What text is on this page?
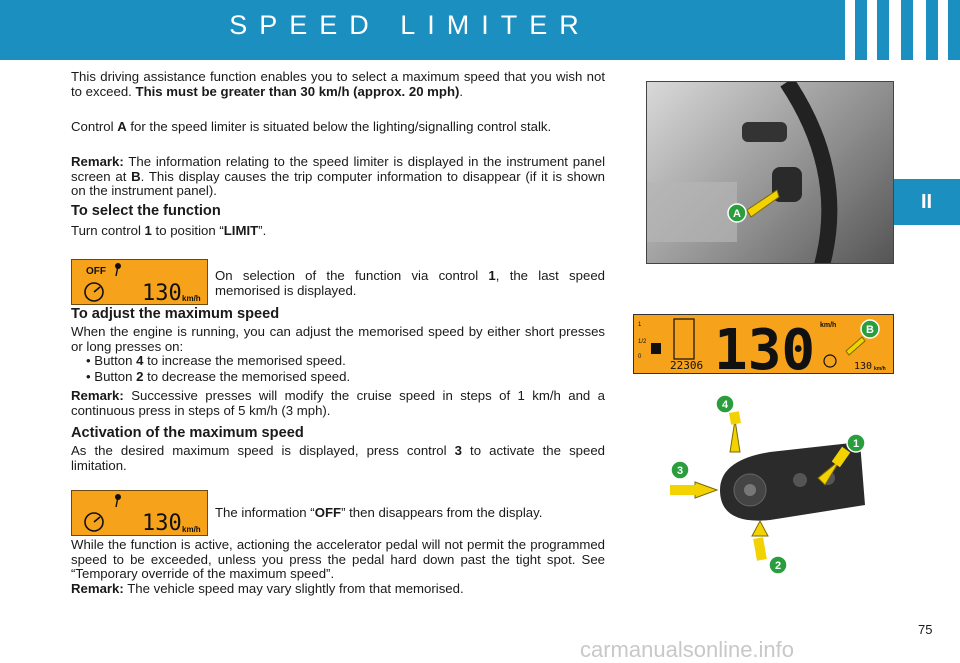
SPEED LIMITER
II

This driving assistance function enables you to select a maximum speed that you wish not to exceed. This must be greater than 30 km/h (approx. 20 mph).

Control A for the speed limiter is situated below the lighting/signalling control stalk.

Remark: The information relating to the speed limiter is displayed in the instrument panel screen at B. This display causes the trip computer information to disappear (if it is shown on the instrument panel).

To select the function

Turn control 1 to position “LIMIT”.

OFF
130 km/h

On selection of the function via control 1, the last speed memorised is displayed.

To adjust the maximum speed

When the engine is running, you can adjust the memorised speed by either short presses or long presses on:

• Button 4 to increase the memorised speed.

• Button 2 to decrease the memorised speed.

Remark: Successive presses will modify the cruise speed in steps of 1 km/h and a continuous press in steps of 5 km/h (3 mph).

Activation of the maximum speed

As the desired maximum speed is displayed, press control 3 to activate the speed limitation.

130 km/h

The information “OFF” then disappears from the display.

While the function is active, actioning the accelerator pedal will not permit the programmed speed to be exceeded, unless you press the pedal hard down past the tight spot. See “Temporary override of the maximum speed”.

Remark: The vehicle speed may vary slightly from that memorised.

A
1
1/2
0 130 km/h
22306	130 km/h
B
4
1
3
2
75
carmanualsonline.info
